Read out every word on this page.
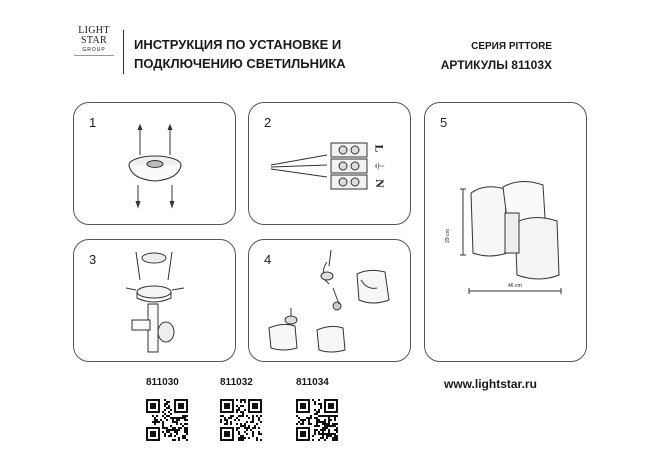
LIGHT
STAR
GROUP	ИНСТРУКЦИЯ ПО УСТАНОВКЕ И
ПОДКЛЮЧЕНИЮ СВЕТИЛЬНИКА
СЕРИЯ PITTORE
АРТИКУЛЫ 81103X
1	2
L
⏚
N
3	4
5
29 cm
46 cm
811030	811032	811034	www.lightstar.ru
